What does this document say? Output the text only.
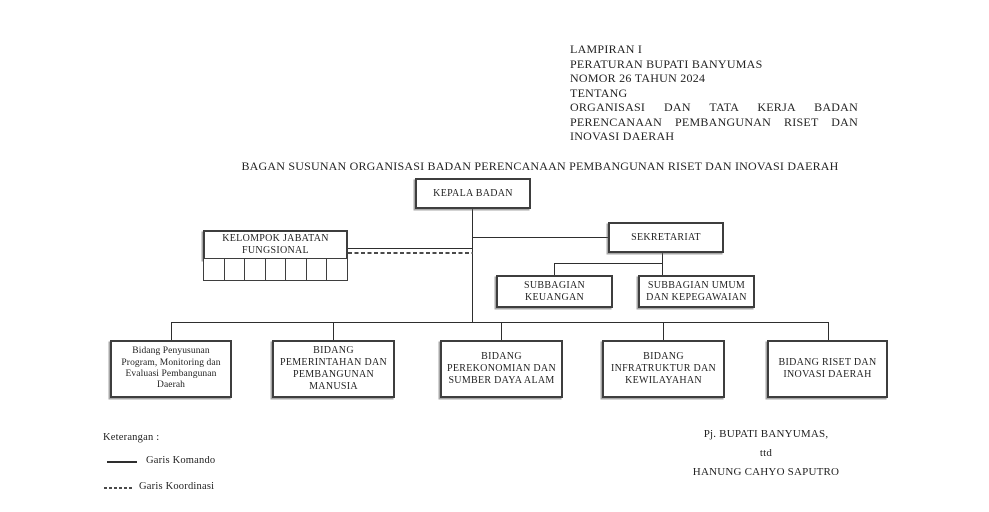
LAMPIRAN I
PERATURAN BUPATI BANYUMAS
NOMOR 26 TAHUN 2024
TENTANG
ORGANISASI DAN TATA KERJA BADAN PERENCANAAN PEMBANGUNAN RISET DAN INOVASI DAERAH
BAGAN SUSUNAN ORGANISASI BADAN PERENCANAAN PEMBANGUNAN RISET DAN INOVASI DAERAH
KEPALA BADAN
KELOMPOK JABATAN FUNGSIONAL
SEKRETARIAT
SUBBAGIAN KEUANGAN
SUBBAGIAN UMUM DAN KEPEGAWAIAN
Bidang Penyusunan Program, Monitoring dan Evaluasi Pembangunan Daerah
BIDANG PEMERINTAHAN DAN PEMBANGUNAN MANUSIA
BIDANG PEREKONOMIAN DAN SUMBER DAYA ALAM
BIDANG INFRATRUKTUR DAN KEWILAYAHAN
BIDANG RISET DAN INOVASI DAERAH
Keterangan :
Garis Komando
Garis Koordinasi
Pj. BUPATI BANYUMAS,
ttd
HANUNG CAHYO SAPUTRO
